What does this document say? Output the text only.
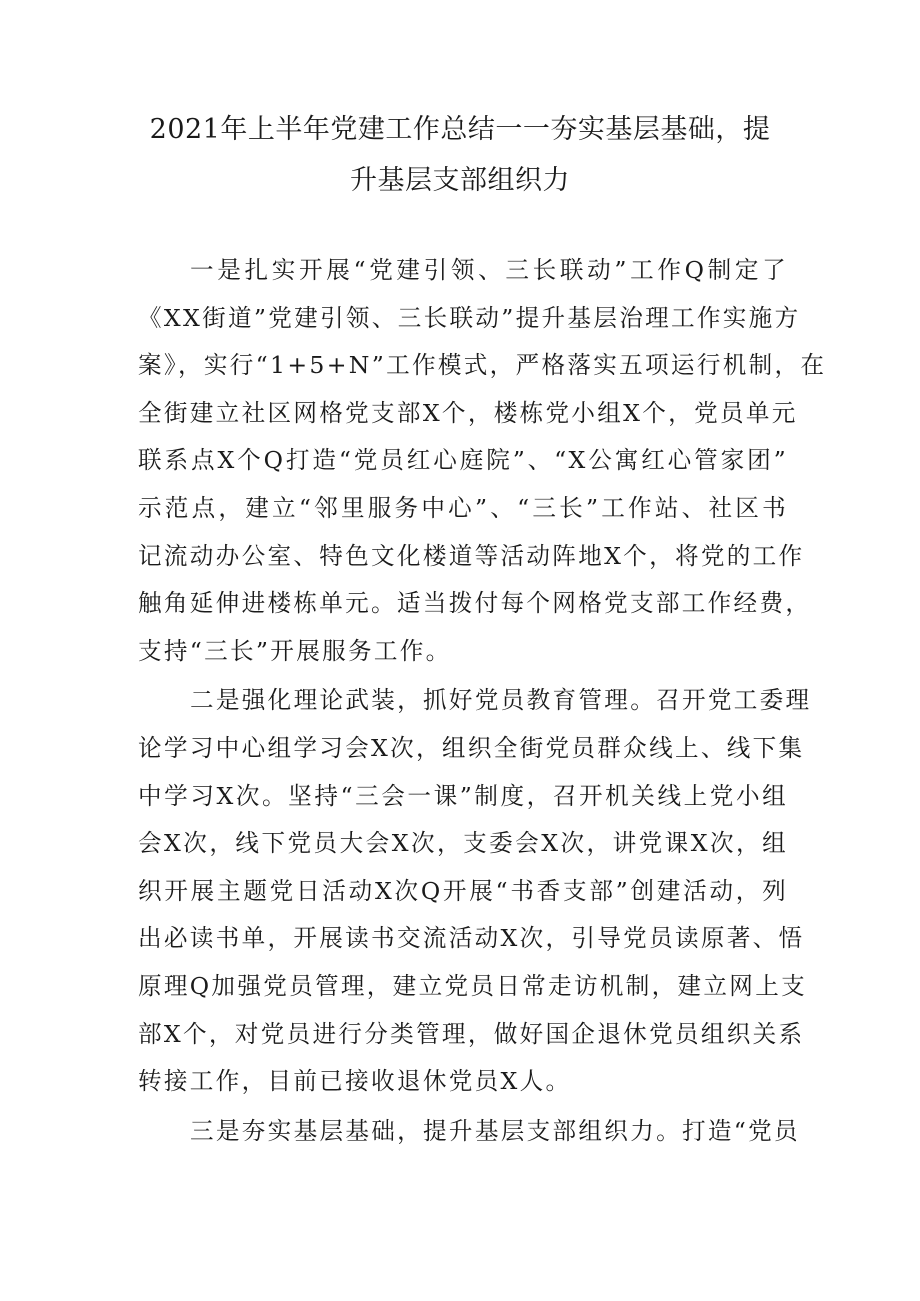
2021年上半年党建工作总结一一夯实基层基础，提
升基层支部组织力
一是扎实开展“党建引领、三长联动”工作Q制定了
《XX街道”党建引领、三长联动”提升基层治理工作实施方
案》，实行“1+5+N”工作模式，严格落实五项运行机制，在
全街建立社区网格党支部X个，楼栋党小组X个，党员单元
联系点X个Q打造“党员红心庭院”、“X公寓红心管家团”
示范点，建立“邻里服务中心”、“三长”工作站、社区书
记流动办公室、特色文化楼道等活动阵地X个，将党的工作
触角延伸进楼栋单元。适当拨付每个网格党支部工作经费，
支持“三长”开展服务工作。
二是强化理论武装，抓好党员教育管理。召开党工委理
论学习中心组学习会X次，组织全街党员群众线上、线下集
中学习X次。坚持“三会一课”制度，召开机关线上党小组
会X次，线下党员大会X次，支委会X次，讲党课X次，组
织开展主题党日活动X次Q开展“书香支部”创建活动，列
出必读书单，开展读书交流活动X次，引导党员读原著、悟
原理Q加强党员管理，建立党员日常走访机制，建立网上支
部X个，对党员进行分类管理，做好国企退休党员组织关系
转接工作，目前已接收退休党员X人。
三是夯实基层基础，提升基层支部组织力。打造“党员
